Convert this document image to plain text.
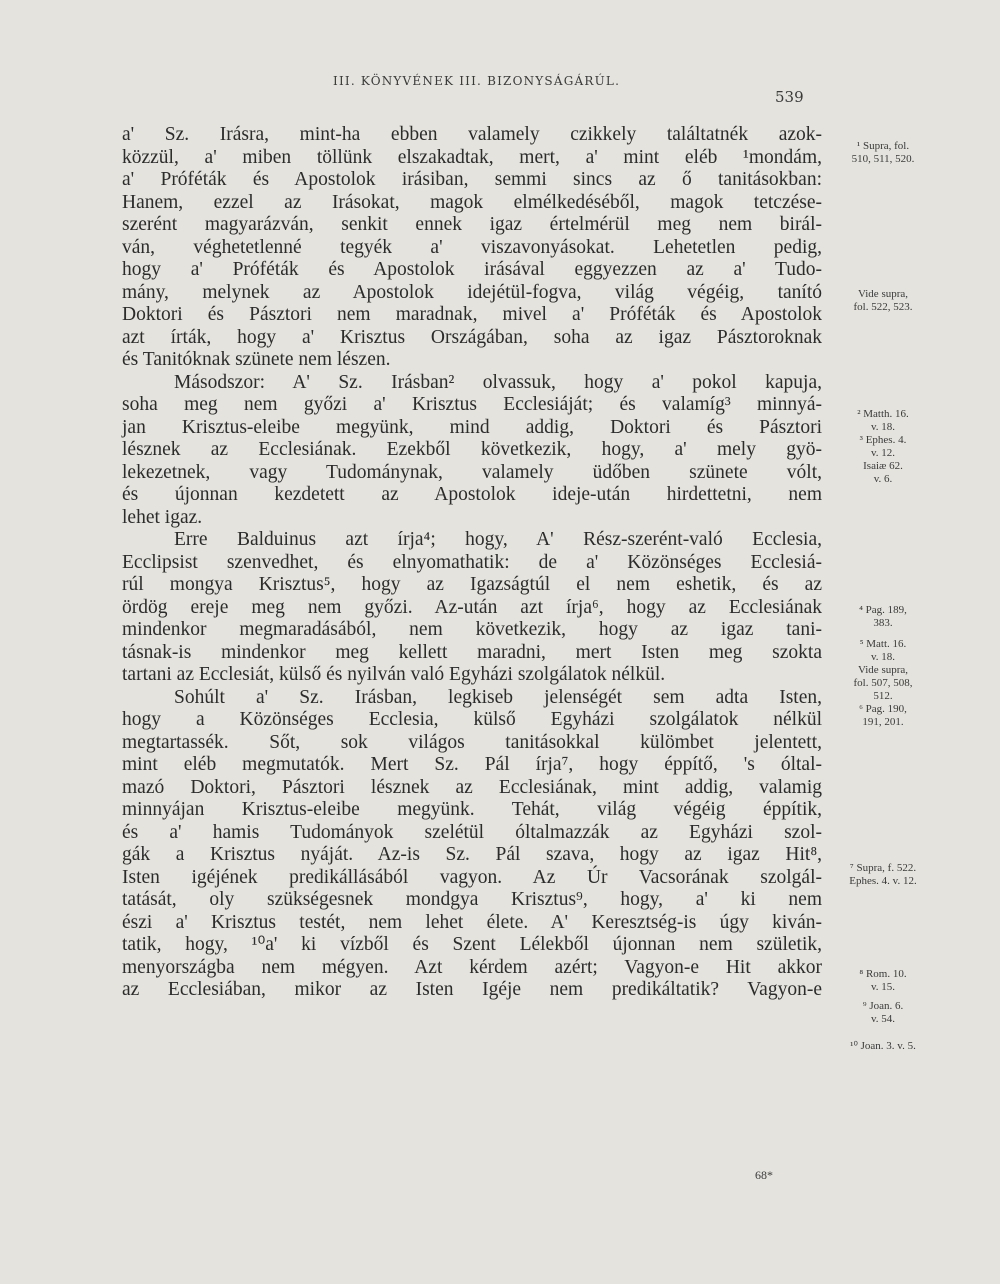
III. KÖNYVÉNEK III. BIZONYSÁGÁRÚL.
539
a' Sz. Irásra, mint-ha ebben valamely czikkely találtatnék azok-
közzül, a' miben töllünk elszakadtak, mert, a' mint eléb ¹mondám,
a' Próféták és Apostolok irásiban, semmi sincs az ő tanitásokban:
Hanem, ezzel az Irásokat, magok elmélkedéséből, magok tetczése-
szerént magyarázván, senkit ennek igaz értelmérül meg nem birál-
ván, véghetetlenné tegyék a' viszavonyásokat. Lehetetlen pedig,
hogy a' Próféták és Apostolok irásával eggyezzen az a' Tudo-
mány, melynek az Apostolok idejétül-fogva, világ végéig, tanító
Doktori és Pásztori nem maradnak, mivel a' Próféták és Apostolok
azt írták, hogy a' Krisztus Országában, soha az igaz Pásztoroknak
és Tanitóknak szünete nem lészen.
Másodszor: A' Sz. Irásban² olvassuk, hogy a' pokol kapuja,
soha meg nem győzi a' Krisztus Ecclesiáját; és valamíg³ minnyá-
jan Krisztus-eleibe megyünk, mind addig, Doktori és Pásztori
lésznek az Ecclesiának. Ezekből következik, hogy, a' mely gyö-
lekezetnek, vagy Tudománynak, valamely üdőben szünete vólt,
és újonnan kezdetett az Apostolok ideje-után hirdettetni, nem
lehet igaz.
Erre Balduinus azt írja⁴; hogy, A' Rész-szerént-való Ecclesia,
Ecclipsist szenvedhet, és elnyomathatik: de a' Közönséges Ecclesiá-
rúl mongya Krisztus⁵, hogy az Igazságtúl el nem eshetik, és az
ördög ereje meg nem győzi. Az-után azt írja⁶, hogy az Ecclesiának
mindenkor megmaradásából, nem következik, hogy az igaz tani-
tásnak-is mindenkor meg kellett maradni, mert Isten meg szokta
tartani az Ecclesiát, külső és nyilván való Egyházi szolgálatok nélkül.
Sohúlt a' Sz. Irásban, legkiseb jelenségét sem adta Isten,
hogy a Közönséges Ecclesia, külső Egyházi szolgálatok nélkül
megtartassék. Sőt, sok világos tanitásokkal külömbet jelentett,
mint eléb megmutatók. Mert Sz. Pál írja⁷, hogy éppítő, 's óltal-
mazó Doktori, Pásztori lésznek az Ecclesiának, mint addig, valamig
minnyájan Krisztus-eleibe megyünk. Tehát, világ végéig éppítik,
és a' hamis Tudományok szelétül óltalmazzák az Egyházi szol-
gák a Krisztus nyáját. Az-is Sz. Pál szava, hogy az igaz Hit⁸,
Isten igéjének predikállásából vagyon. Az Úr Vacsorának szolgál-
tatását, oly szükségesnek mondgya Krisztus⁹, hogy, a' ki nem
észi a' Krisztus testét, nem lehet élete. A' Keresztség-is úgy kiván-
tatik, hogy, ¹⁰a' ki vízből és Szent Lélekből újonnan nem születik,
menyországba nem mégyen. Azt kérdem azért; Vagyon-e Hit akkor
az Ecclesiában, mikor az Isten Igéje nem predikáltatik? Vagyon-e
¹ Supra, fol.
510, 511, 520.
Vide supra,
fol. 522, 523.
² Matth. 16.
v. 18.
³ Ephes. 4.
v. 12.
Isaiæ 62.
v. 6.
⁴ Pag. 189,
383.
⁵ Matt. 16.
v. 18.
Vide supra,
fol. 507, 508,
512.
⁶ Pag. 190,
191, 201.
⁷ Supra, f. 522.
Ephes. 4. v. 12.
⁸ Rom. 10.
v. 15.
⁹ Joan. 6.
v. 54.
¹⁰ Joan. 3. v. 5.
68*
